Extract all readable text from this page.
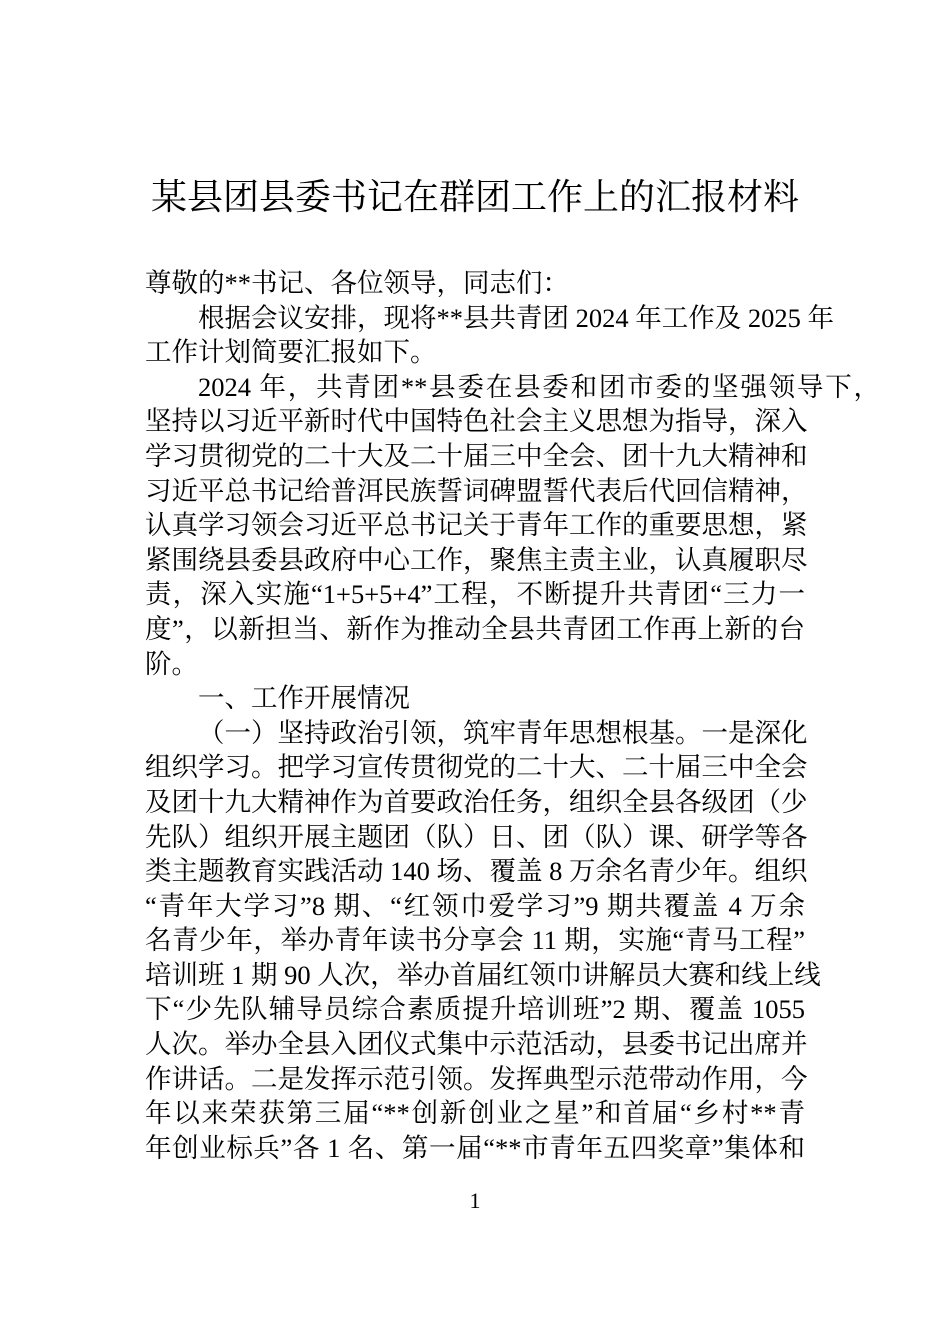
某县团县委书记在群团工作上的汇报材料
尊敬的**书记、各位领导，同志们：
根据会议安排，现将**县共青团 2024 年工作及 2025 年
工作计划简要汇报如下。
2024 年，共青团**县委在县委和团市委的坚强领导下，
坚持以习近平新时代中国特色社会主义思想为指导，深入
学习贯彻党的二十大及二十届三中全会、团十九大精神和
习近平总书记给普洱民族誓词碑盟誓代表后代回信精神，
认真学习领会习近平总书记关于青年工作的重要思想，紧
紧围绕县委县政府中心工作，聚焦主责主业，认真履职尽
责，深入实施“1+5+5+4”工程，不断提升共青团“三力一
度”，以新担当、新作为推动全县共青团工作再上新的台
阶。
一、工作开展情况
（一）坚持政治引领，筑牢青年思想根基。一是深化
组织学习。把学习宣传贯彻党的二十大、二十届三中全会
及团十九大精神作为首要政治任务，组织全县各级团（少
先队）组织开展主题团（队）日、团（队）课、研学等各
类主题教育实践活动 140 场、覆盖 8 万余名青少年。组织
“青年大学习”8 期、“红领巾爱学习”9 期共覆盖 4 万余
名青少年，举办青年读书分享会 11 期，实施“青马工程”
培训班 1 期 90 人次，举办首届红领巾讲解员大赛和线上线
下“少先队辅导员综合素质提升培训班”2 期、覆盖 1055
人次。举办全县入团仪式集中示范活动，县委书记出席并
作讲话。二是发挥示范引领。发挥典型示范带动作用，今
年以来荣获第三届“**创新创业之星”和首届“乡村**青
年创业标兵”各 1 名、第一届“**市青年五四奖章”集体和
1
